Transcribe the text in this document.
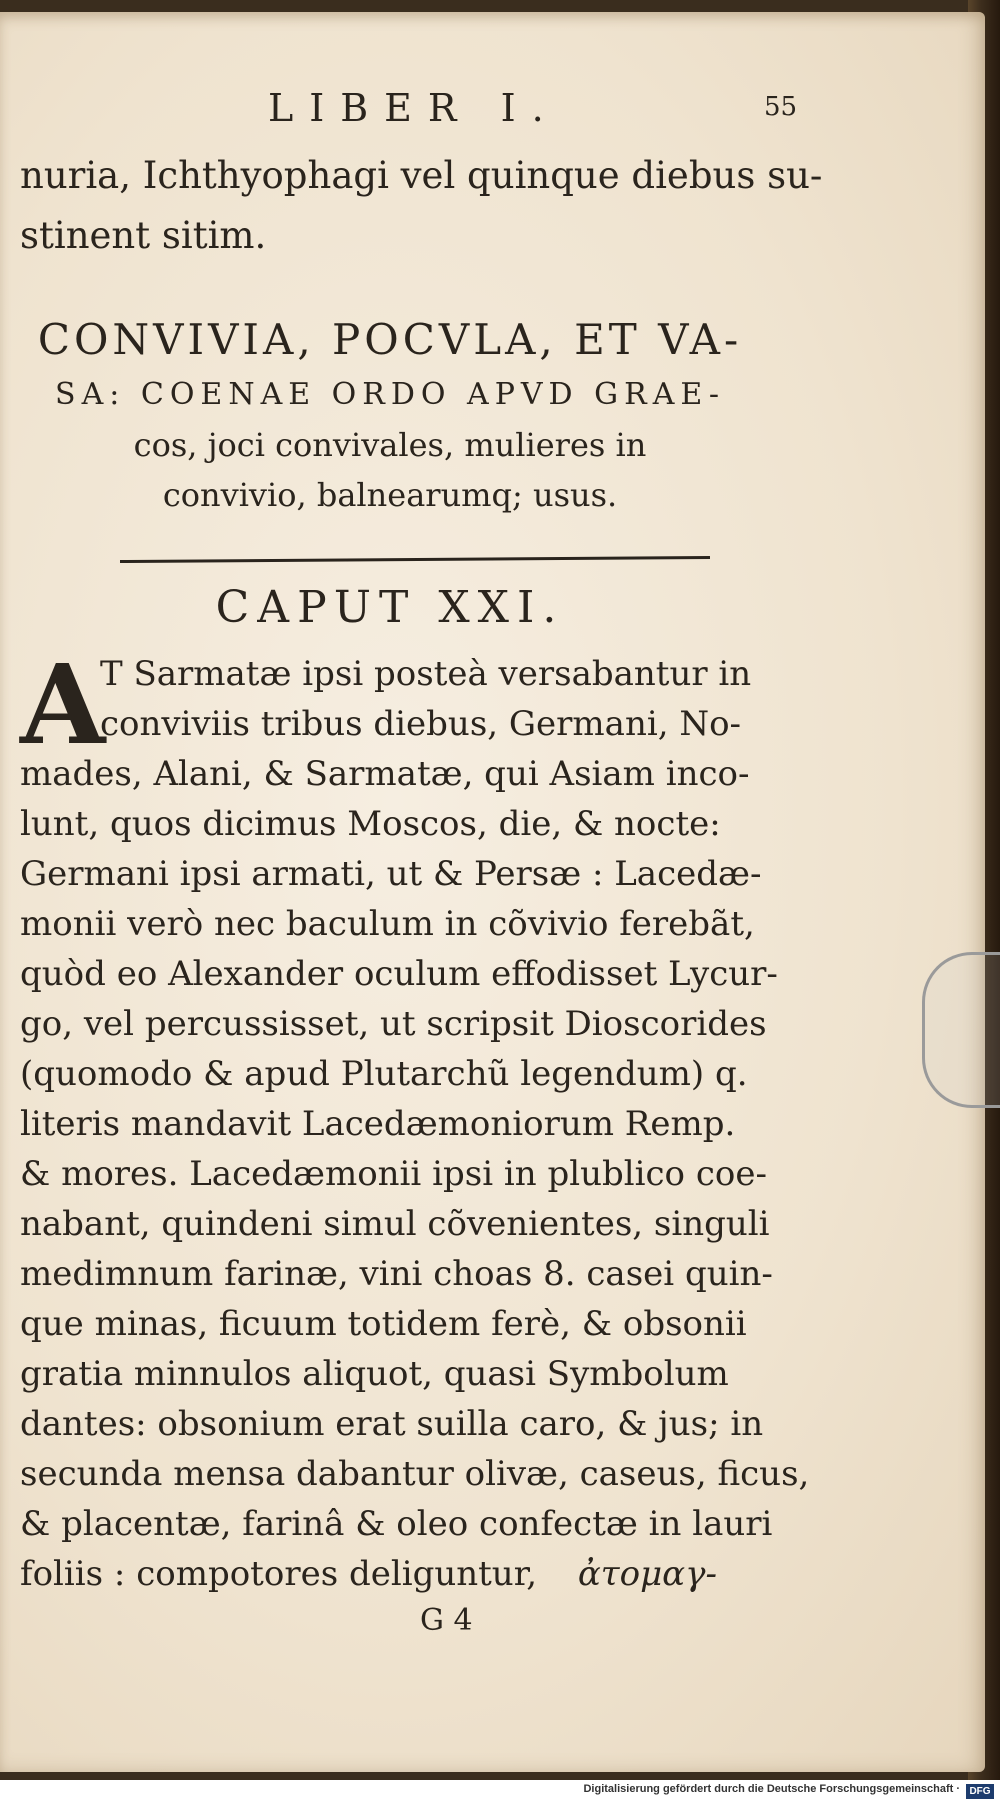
LIBER I.	55
nuria, Ichthyophagi vel quinque diebus su-
stinent sitim.
CONVIVIA, POCVLA, ET VA-
SA: COENAE ORDO APVD GRAE-
cos, joci convivales, mulieres in
convivio, balnearumq; usus.
CAPUT XXI.
A
T Sarmatæ ipsi posteà versabantur in
conviviis tribus diebus, Germani, No-
mades, Alani, & Sarmatæ, qui Asiam inco-
lunt, quos dicimus Moscos, die, & nocte:
Germani ipsi armati, ut & Persæ : Lacedæ-
monii verò nec baculum in cõvivio ferebãt,
quòd eo Alexander oculum effodisset Lycur-
go, vel percussisset, ut scripsit Dioscorides
(quomodo & apud Plutarchũ legendum) q.
literis mandavit Lacedæmoniorum Remp.
& mores. Lacedæmonii ipsi in plublico coe-
nabant, quindeni simul cõvenientes, singuli
medimnum farinæ, vini choas 8. casei quin-
que minas, ficuum totidem ferè, & obsonii
gratia minnulos aliquot, quasi Symbolum
dantes: obsonium erat suilla caro, & jus; in
secunda mensa dabantur olivæ, caseus, ficus,
& placentæ, farinâ & oleo confectæ in lauri
foliis : compotores deliguntur, ἀτομαγ-
G 4
Digitalisierung gefördert durch die Deutsche Forschungsgemeinschaft · DFG
